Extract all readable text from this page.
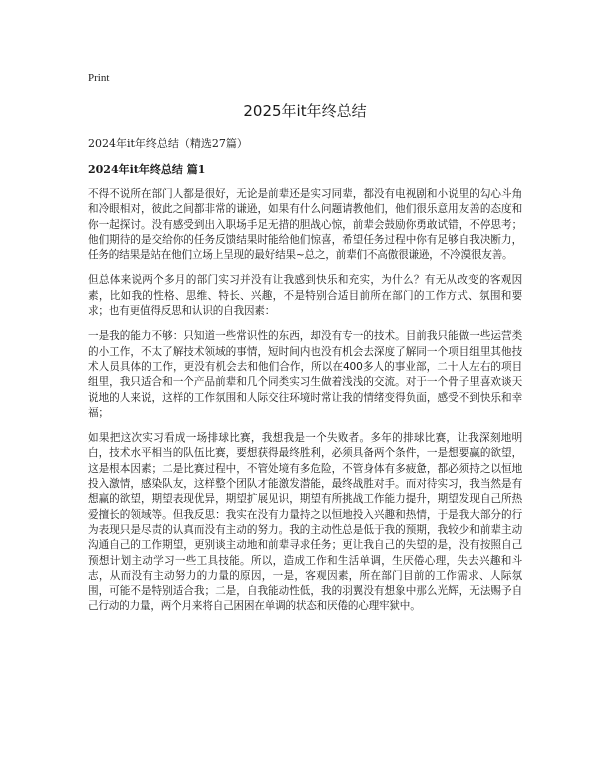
Print
2025年it年终总结

2024年it年终总结（精选27篇）

2024年it年终总结 篇1

不得不说所在部门人都是很好，无论是前辈还是实习同辈，都没有电视剧和小说里的勾心斗角和冷眼相对，彼此之间都非常的谦逊，如果有什么问题请教他们，他们很乐意用友善的态度和你一起探讨。没有感受到出入职场手足无措的胆战心惊，前辈会鼓励你勇敢试错，不停思考；他们期待的是交给你的任务反馈结果时能给他们惊喜，希望任务过程中你有足够自我决断力，任务的结果是站在他们立场上呈现的最好结果~总之，前辈们不高傲很谦逊，不冷漠很友善。

但总体来说两个多月的部门实习并没有让我感到快乐和充实，为什么？有无从改变的客观因素，比如我的性格、思维、特长、兴趣，不是特别合适目前所在部门的工作方式、氛围和要求；也有更值得反思和认识的自我因素：

一是我的能力不够：只知道一些常识性的东西，却没有专一的技术。目前我只能做一些运营类的小工作，不太了解技术领域的事情，短时间内也没有机会去深度了解同一个项目组里其他技术人员具体的工作，更没有机会去和他们合作，所以在400多人的事业部，二十人左右的项目组里，我只适合和一个产品前辈和几个同类实习生做着浅浅的交流。对于一个骨子里喜欢谈天说地的人来说，这样的工作氛围和人际交往环境时常让我的情绪变得负面，感受不到快乐和幸福；

如果把这次实习看成一场排球比赛，我想我是一个失败者。多年的排球比赛，让我深刻地明白，技术水平相当的队伍比赛，要想获得最终胜利，必须具备两个条件，一是想要赢的欲望，这是根本因素；二是比赛过程中，不管处境有多危险，不管身体有多疲惫，都必须持之以恒地投入激情，感染队友，这样整个团队才能激发潜能，最终战胜对手。而对待实习，我当然是有想赢的欲望，期望表现优异，期望扩展见识，期望有所挑战工作能力提升，期望发现自己所热爱擅长的领域等。但我反思：我实在没有力量持之以恒地投入兴趣和热情，于是我大部分的行为表现只是尽责的认真而没有主动的努力。我的主动性总是低于我的预期，我较少和前辈主动沟通自己的工作期望，更别谈主动地和前辈寻求任务；更让我自己的失望的是，没有按照自己预想计划主动学习一些工具技能。所以，造成工作和生活单调，生厌倦心理，失去兴趣和斗志，从而没有主动努力的力量的原因，一是，客观因素，所在部门目前的工作需求、人际氛围，可能不是特别适合我；二是，自我能动性低，我的羽翼没有想象中那么光辉，无法赐予自己行动的力量，两个月来将自己困困在单调的状态和厌倦的心理牢狱中。
